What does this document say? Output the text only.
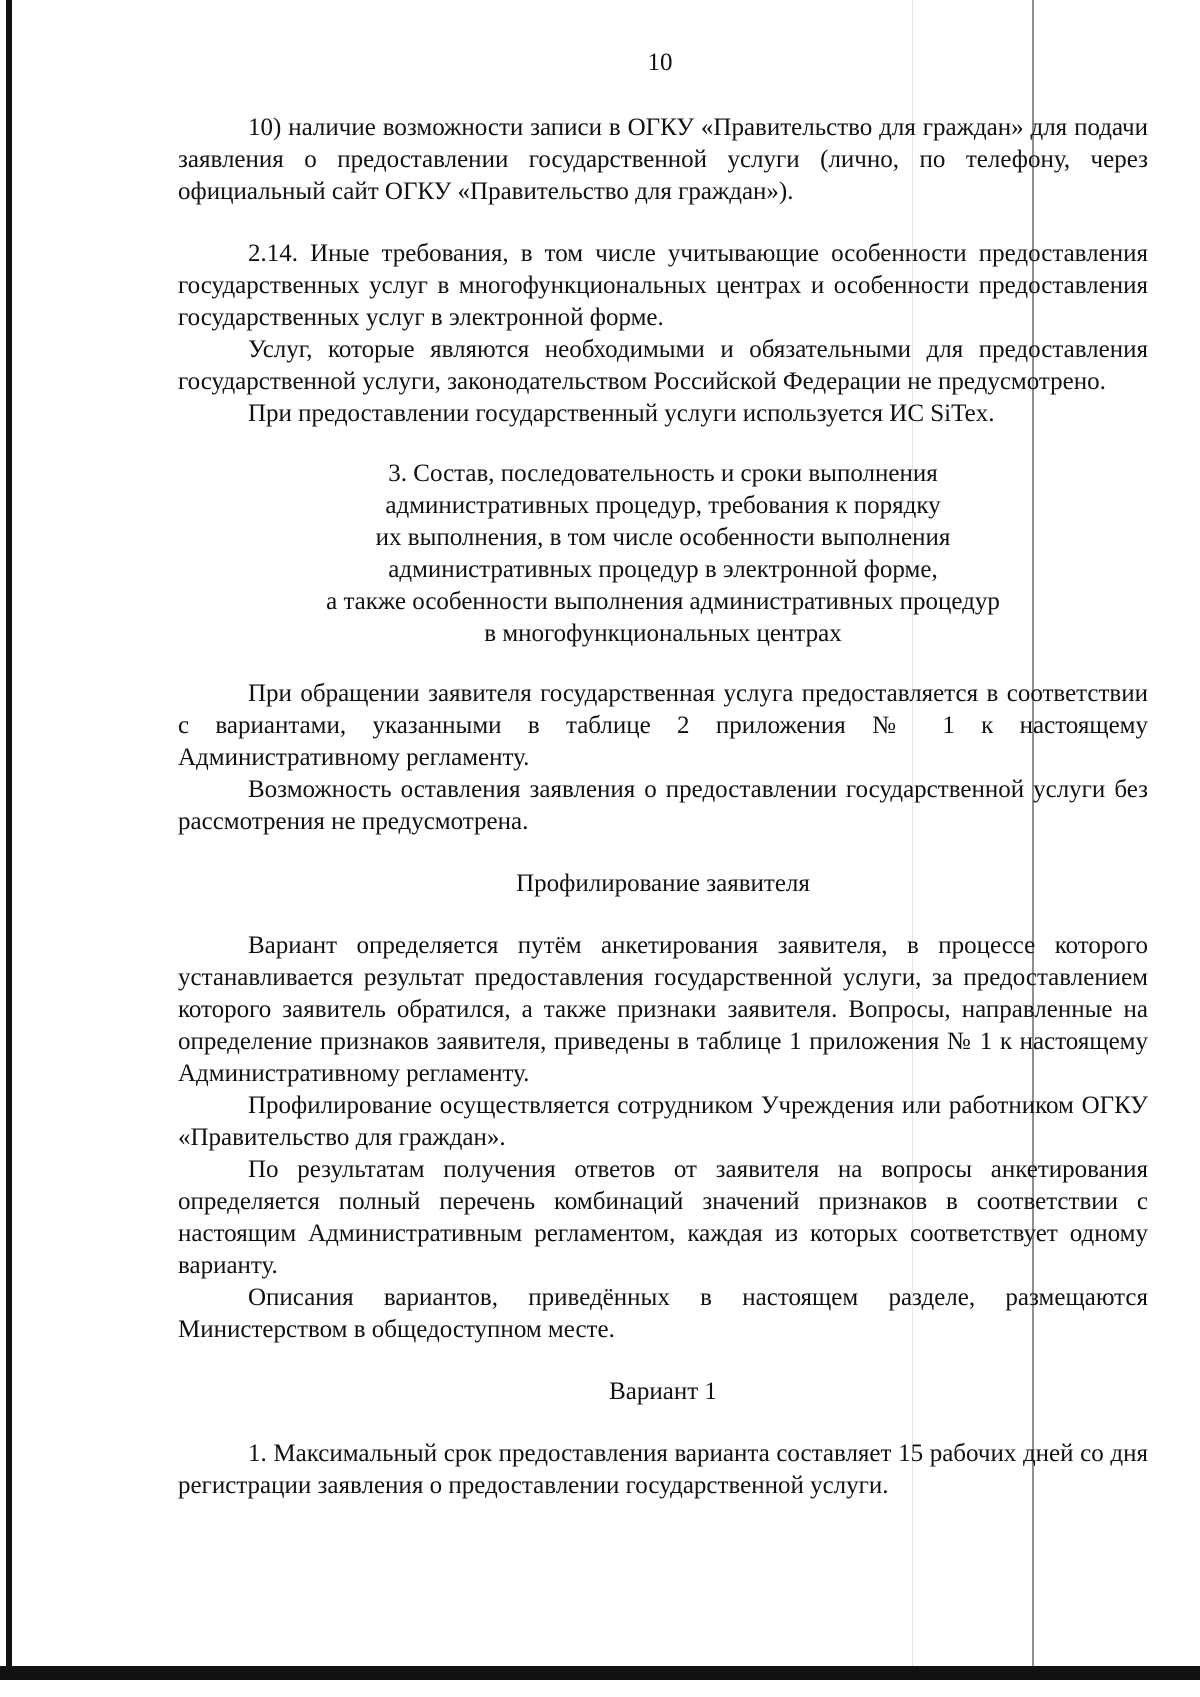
10

10) наличие возможности записи в ОГКУ «Правительство для граждан» для подачи заявления о предоставлении государственной услуги (лично, по телефону, через официальный сайт ОГКУ «Правительство для граждан»).

2.14. Иные требования, в том числе учитывающие особенности предоставления государственных услуг в многофункциональных центрах и особенности предоставления государственных услуг в электронной форме.

Услуг, которые являются необходимыми и обязательными для предоставления государственной услуги, законодательством Российской Федерации не предусмотрено.

При предоставлении государственный услуги используется ИС SiTex.

3. Состав, последовательность и сроки выполнения
административных процедур, требования к порядку
их выполнения, в том числе особенности выполнения
административных процедур в электронной форме,
а также особенности выполнения административных процедур
в многофункциональных центрах

При обращении заявителя государственная услуга предоставляется в соответствии с вариантами, указанными в таблице 2 приложения № 1 к настоящему Административному регламенту.

Возможность оставления заявления о предоставлении государственной услуги без рассмотрения не предусмотрена.

Профилирование заявителя

Вариант определяется путём анкетирования заявителя, в процессе которого устанавливается результат предоставления государственной услуги, за предоставлением которого заявитель обратился, а также признаки заявителя. Вопросы, направленные на определение признаков заявителя, приведены в таблице 1 приложения № 1 к настоящему Административному регламенту.

Профилирование осуществляется сотрудником Учреждения или работником ОГКУ «Правительство для граждан».

По результатам получения ответов от заявителя на вопросы анкетирования определяется полный перечень комбинаций значений признаков в соответствии с настоящим Административным регламентом, каждая из которых соответствует одному варианту.

Описания вариантов, приведённых в настоящем разделе, размещаются Министерством в общедоступном месте.

Вариант 1

1. Максимальный срок предоставления варианта составляет 15 рабочих дней со дня регистрации заявления о предоставлении государственной услуги.
